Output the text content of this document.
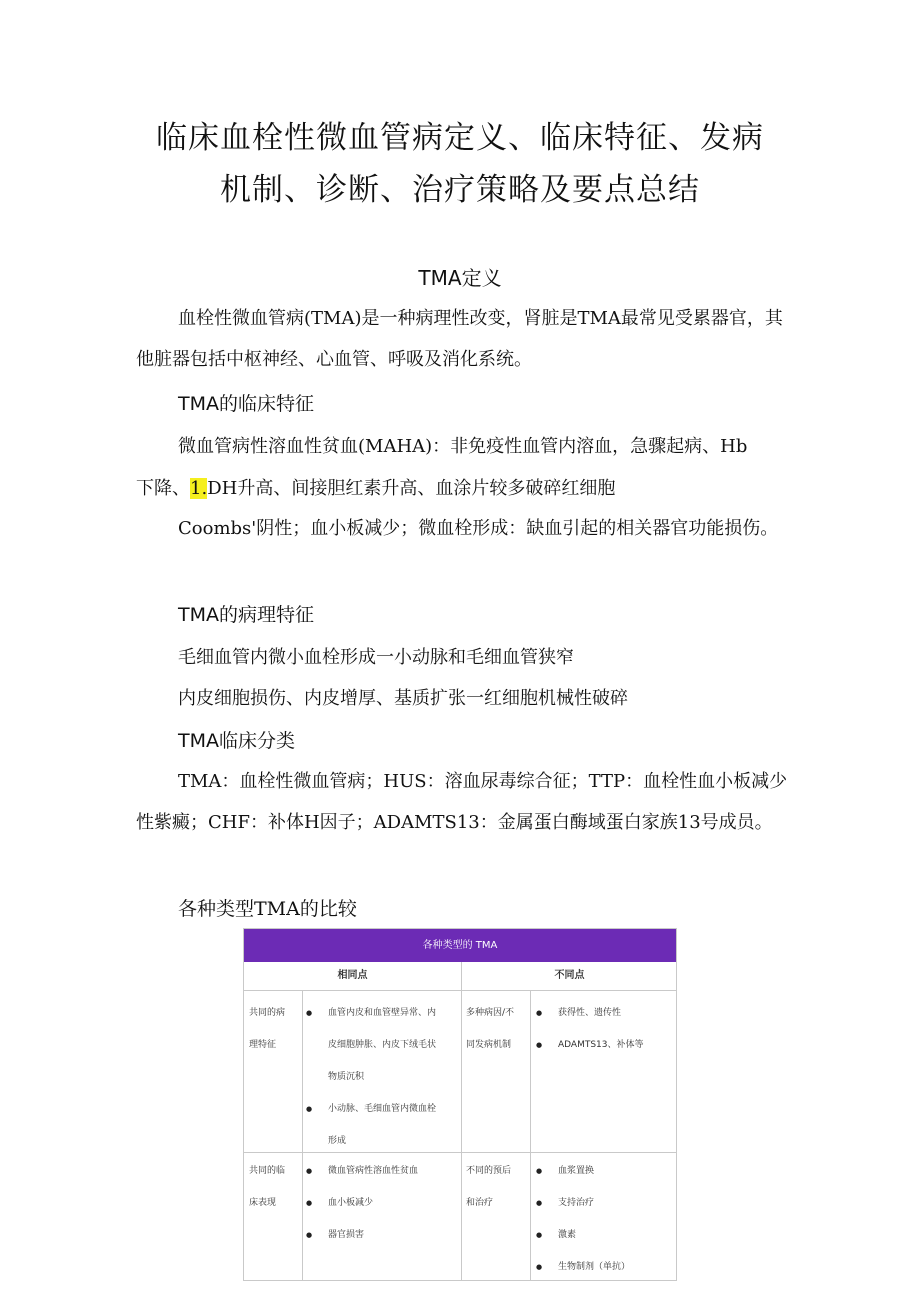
临床血栓性微血管病定义、临床特征、发病
机制、诊断、治疗策略及要点总结
TMA定义
血栓性微血管病(TMA)是一种病理性改变，肾脏是TMA最常见受累器官，其他脏器包括中枢神经、心血管、呼吸及消化系统。
TMA的临床特征
微血管病性溶血性贫血(MAHA)：非免疫性血管内溶血，急骤起病、Hb
下降、1.DH升高、间接胆红素升高、血涂片较多破碎红细胞
Coombs'阴性；血小板减少；微血栓形成：缺血引起的相关器官功能损伤。
TMA的病理特征
毛细血管内微小血栓形成一小动脉和毛细血管狭窄
内皮细胞损伤、内皮增厚、基质扩张一红细胞机械性破碎
TMA临床分类
TMA：血栓性微血管病；HUS：溶血尿毒综合征；TTP：血栓性血小板减少性紫癜；CHF：补体H因子；ADAMTS13：金属蛋白酶域蛋白家族13号成员。
各种类型TMA的比较
各种类型的 TMA
相同点	不同点
共同的病
理特征
● 血管内皮和血管壁异常、内
皮细胞肿胀、内皮下绒毛状
物质沉积
● 小动脉、毛细血管内微血栓
形成
多种病因/不
同发病机制
● 获得性、遗传性
● ADAMTS13、补体等
共同的临
床表现
● 微血管病性溶血性贫血
● 血小板减少
● 器官损害
不同的预后
和治疗
● 血浆置换
● 支持治疗
● 激素
● 生物制剂（单抗）
